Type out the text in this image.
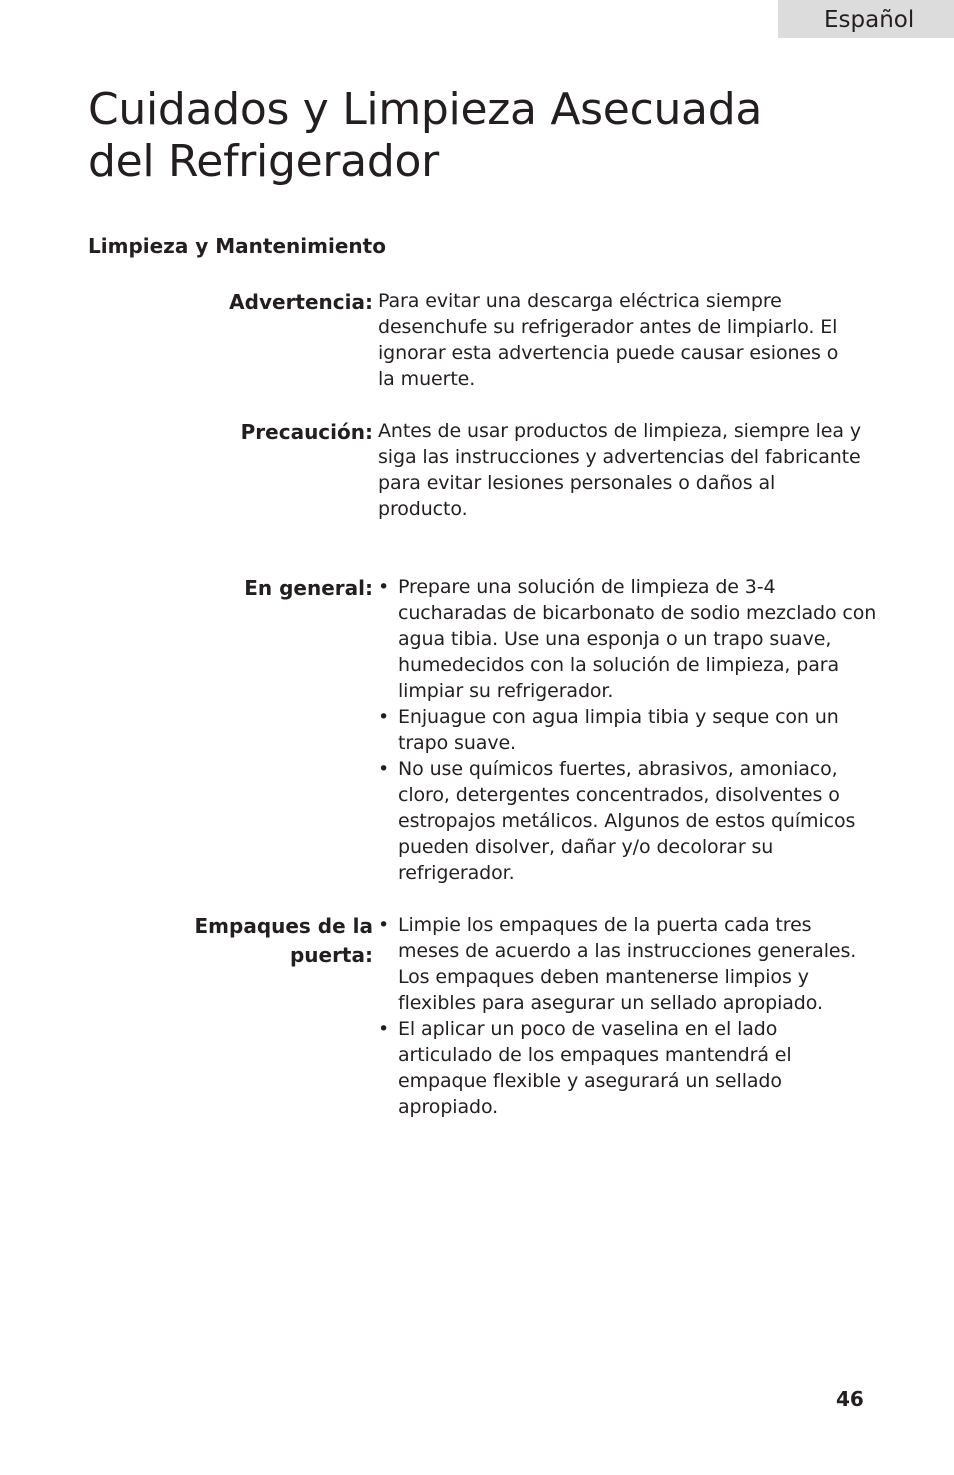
Español
Cuidados y Limpieza Asecuada
del Refrigerador
Limpieza y Mantenimiento
Advertencia: Para evitar una descarga eléctrica siempre desenchufe su refrigerador antes de limpiarlo. El ignorar esta advertencia puede causar esiones o la muerte.

Precaución: Antes de usar productos de limpieza, siempre lea y siga las instrucciones y advertencias del fabricante para evitar lesiones personales o daños al producto.

En general: • Prepare una solución de limpieza de 3-4 cucharadas de bicarbonato de sodio mezclado con agua tibia. Use una esponja o un trapo suave, humedecidos con la solución de limpieza, para limpiar su refrigerador.
• Enjuague con agua limpia tibia y seque con un trapo suave.
• No use químicos fuertes, abrasivos, amoniaco, cloro, detergentes concentrados, disolventes o estropajos metálicos. Algunos de estos químicos pueden disolver, dañar y/o decolorar su refrigerador.
Empaques de la
puerta:
• Limpie los empaques de la puerta cada tres meses de acuerdo a las instrucciones generales. Los empaques deben mantenerse limpios y flexibles para asegurar un sellado apropiado.
• El aplicar un poco de vaselina en el lado articulado de los empaques mantendrá el empaque flexible y asegurará un sellado apropiado.
46
